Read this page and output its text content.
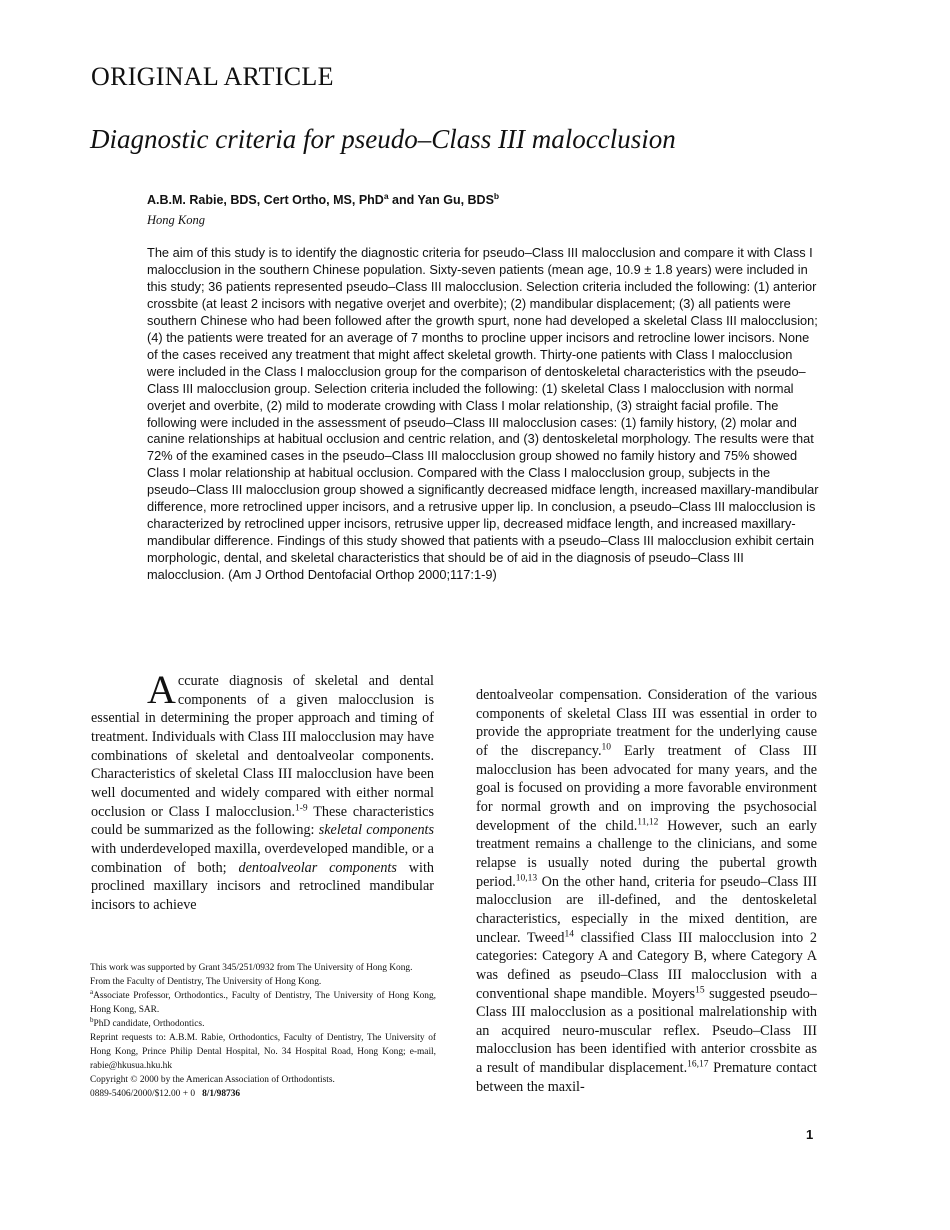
ORIGINAL ARTICLE
Diagnostic criteria for pseudo–Class III malocclusion
A.B.M. Rabie, BDS, Cert Ortho, MS, PhD$^a$ and Yan Gu, BDS$^b$
Hong Kong

The aim of this study is to identify the diagnostic criteria for pseudo–Class III malocclusion and compare it with Class I malocclusion in the southern Chinese population. Sixty-seven patients (mean age, 10.9 ± 1.8 years) were included in this study; 36 patients represented pseudo–Class III malocclusion. Selection criteria included the following: (1) anterior crossbite (at least 2 incisors with negative overjet and overbite); (2) mandibular displacement; (3) all patients were southern Chinese who had been followed after the growth spurt, none had developed a skeletal Class III malocclusion; (4) the patients were treated for an average of 7 months to procline upper incisors and retrocline lower incisors. None of the cases received any treatment that might affect skeletal growth. Thirty-one patients with Class I malocclusion were included in the Class I malocclusion group for the comparison of dentoskeletal characteristics with the pseudo–Class III malocclusion group. Selection criteria included the following: (1) skeletal Class I malocclusion with normal overjet and overbite, (2) mild to moderate crowding with Class I molar relationship, (3) straight facial profile. The following were included in the assessment of pseudo–Class III malocclusion cases: (1) family history, (2) molar and canine relationships at habitual occlusion and centric relation, and (3) dentoskeletal morphology. The results were that 72% of the examined cases in the pseudo–Class III malocclusion group showed no family history and 75% showed Class I molar relationship at habitual occlusion. Compared with the Class I malocclusion group, subjects in the pseudo–Class III malocclusion group showed a significantly decreased midface length, increased maxillary-mandibular difference, more retroclined upper incisors, and a retrusive upper lip. In conclusion, a pseudo–Class III malocclusion is characterized by retroclined upper incisors, retrusive upper lip, decreased midface length, and increased maxillary-mandibular difference. Findings of this study showed that patients with a pseudo–Class III malocclusion exhibit certain morphologic, dental, and skeletal characteristics that should be of aid in the diagnosis of pseudo–Class III malocclusion. (Am J Orthod Dentofacial Orthop 2000;117:1-9)

Accurate diagnosis of skeletal and dental components of a given malocclusion is essential in determining the proper approach and timing of treatment. Individuals with Class III malocclusion may have combinations of skeletal and dentoalveolar components. Characteristics of skeletal Class III malocclusion have been well documented and widely compared with either normal occlusion or Class I malocclusion.$^{1-9}$ These characteristics could be summarized as the following: skeletal components with underdeveloped maxilla, overdeveloped mandible, or a combination of both; dentoalveolar components with proclined maxillary incisors and retroclined mandibular incisors to achieve

This work was supported by Grant 345/251/0932 from The University of Hong Kong.

From the Faculty of Dentistry, The University of Hong Kong.

$^a$Associate Professor, Orthodontics., Faculty of Dentistry, The University of Hong Kong, Hong Kong, SAR.

$^b$PhD candidate, Orthodontics.

Reprint requests to: A.B.M. Rabie, Orthodontics, Faculty of Dentistry, The University of Hong Kong, Prince Philip Dental Hospital, No. 34 Hospital Road, Hong Kong; e-mail, rabie@hkusua.hku.hk

Copyright © 2000 by the American Association of Orthodontists.

0889-5406/2000/$12.00 + 0 8/1/98736

dentoalveolar compensation. Consideration of the various components of skeletal Class III was essential in order to provide the appropriate treatment for the underlying cause of the discrepancy.$^{10}$ Early treatment of Class III malocclusion has been advocated for many years, and the goal is focused on providing a more favorable environment for normal growth and on improving the psychosocial development of the child.$^{11,12}$ However, such an early treatment remains a challenge to the clinicians, and some relapse is usually noted during the pubertal growth period.$^{10,13}$ On the other hand, criteria for pseudo–Class III malocclusion are ill-defined, and the dentoskeletal characteristics, especially in the mixed dentition, are unclear. Tweed$^{14}$ classified Class III malocclusion into 2 categories: Category A and Category B, where Category A was defined as pseudo–Class III malocclusion with a conventional shape mandible. Moyers$^{15}$ suggested pseudo–Class III malocclusion as a positional malrelationship with an acquired neuro-muscular reflex. Pseudo–Class III malocclusion has been identified with anterior crossbite as a result of mandibular displacement.$^{16,17}$ Premature contact between the maxil-

1
